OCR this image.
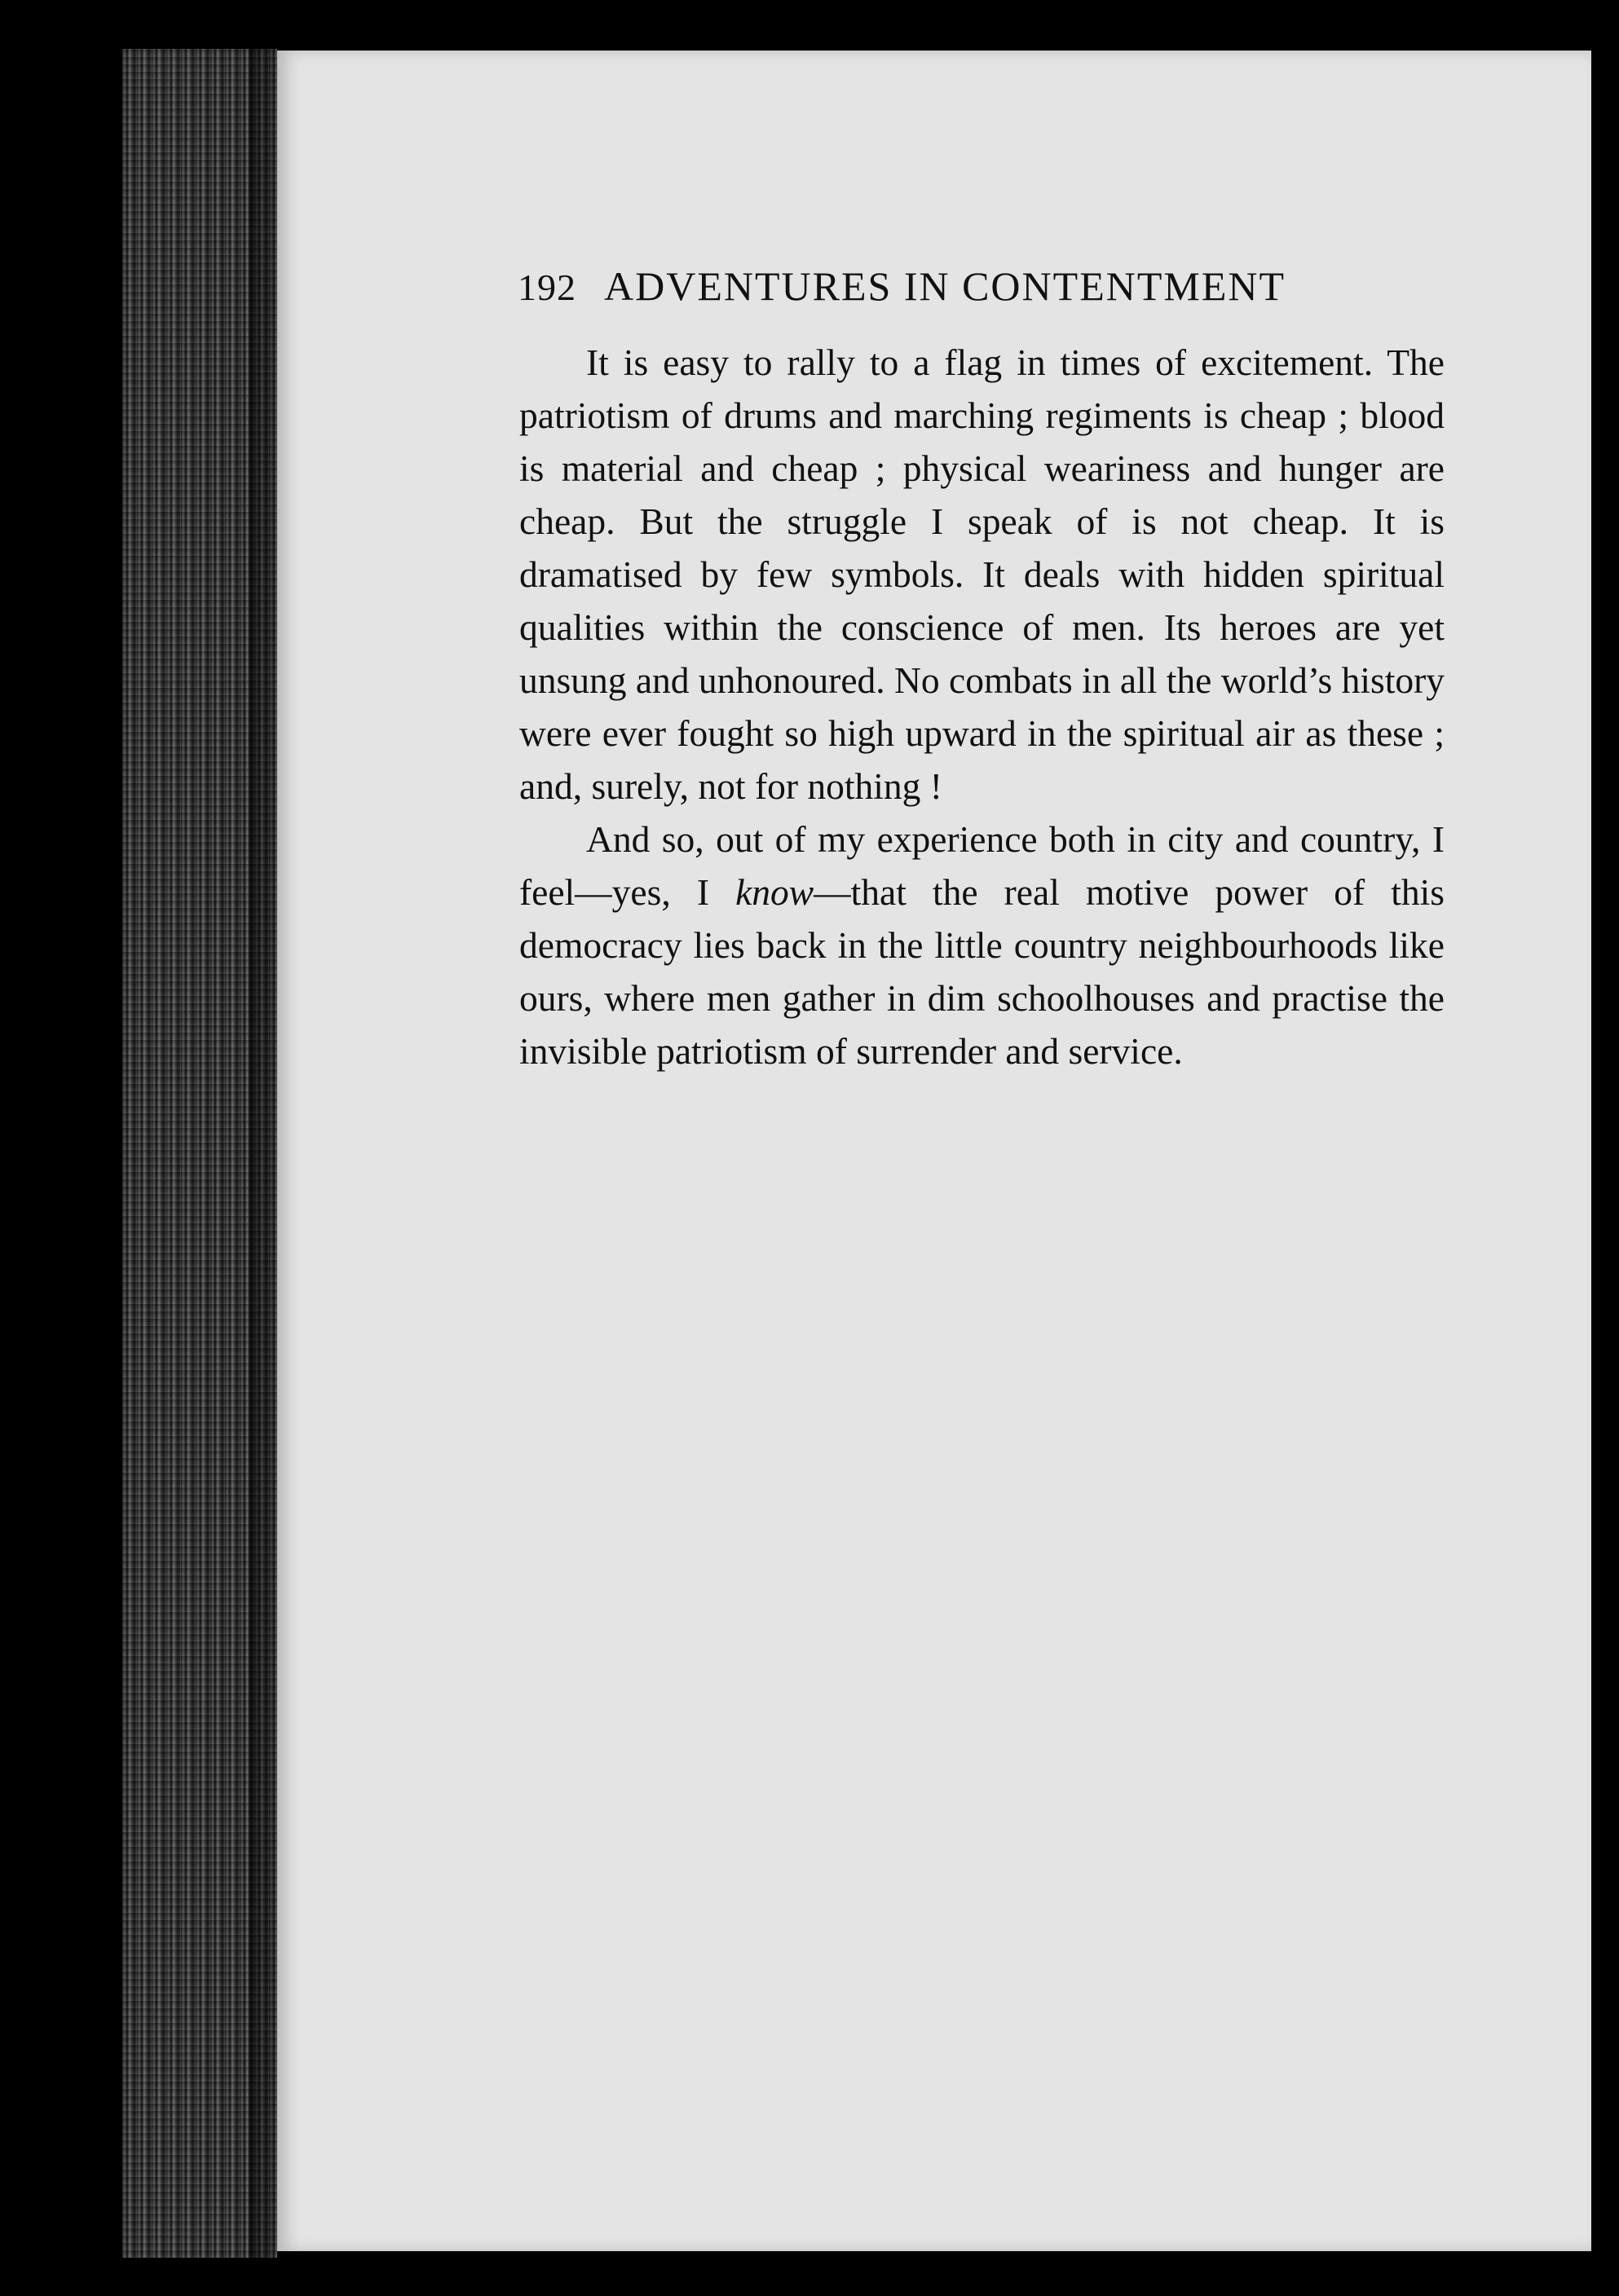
192 ADVENTURES IN CONTENTMENT

It is easy to rally to a flag in times of excitement. The patriotism of drums and marching regiments is cheap ; blood is material and cheap ; physical weariness and hunger are cheap. But the struggle I speak of is not cheap. It is dramatised by few symbols. It deals with hidden spiritual qualities within the conscience of men. Its heroes are yet unsung and unhonoured. No combats in all the world’s history were ever fought so high upward in the spiritual air as these ; and, surely, not for nothing !

And so, out of my experience both in city and country, I feel—yes, I know—that the real motive power of this democracy lies back in the little country neighbourhoods like ours, where men gather in dim schoolhouses and practise the invisible patriotism of surrender and service.
